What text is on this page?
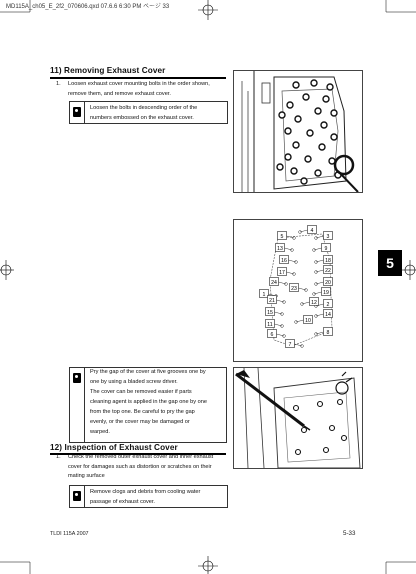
MD115A_ch05_E_2f2_070606.qxd 07.6.6 6:30 PM ページ 33
11) Removing Exhaust Cover
1. Loosen exhaust cover mounting bolts in the order shown,
remove them, and remove exhaust cover.
Loosen the bolts in descending order of the
numbers embossed on the exhaust cover.
4
5	3
13	9
16	18
17	22
24	20
23
1	19
21
15
2
11
14
6	8
7
12
10
Pry the gap of the cover at five grooves one by
one by using a bladed screw driver.
The cover can be removed easier if parts
cleaning agent is applied in the gap one by one
from the top one. Be careful to pry the gap
evenly, or the cover may be damaged or
warped.
12) Inspection of Exhaust Cover
1. Check the removed outer exhaust cover and inner exhaust
cover for damages such as distortion or scratches on their
mating surface
Remove clogs and debris from cooling water
passage of exhaust cover.
5
TLDI 115A 2007	5-33
